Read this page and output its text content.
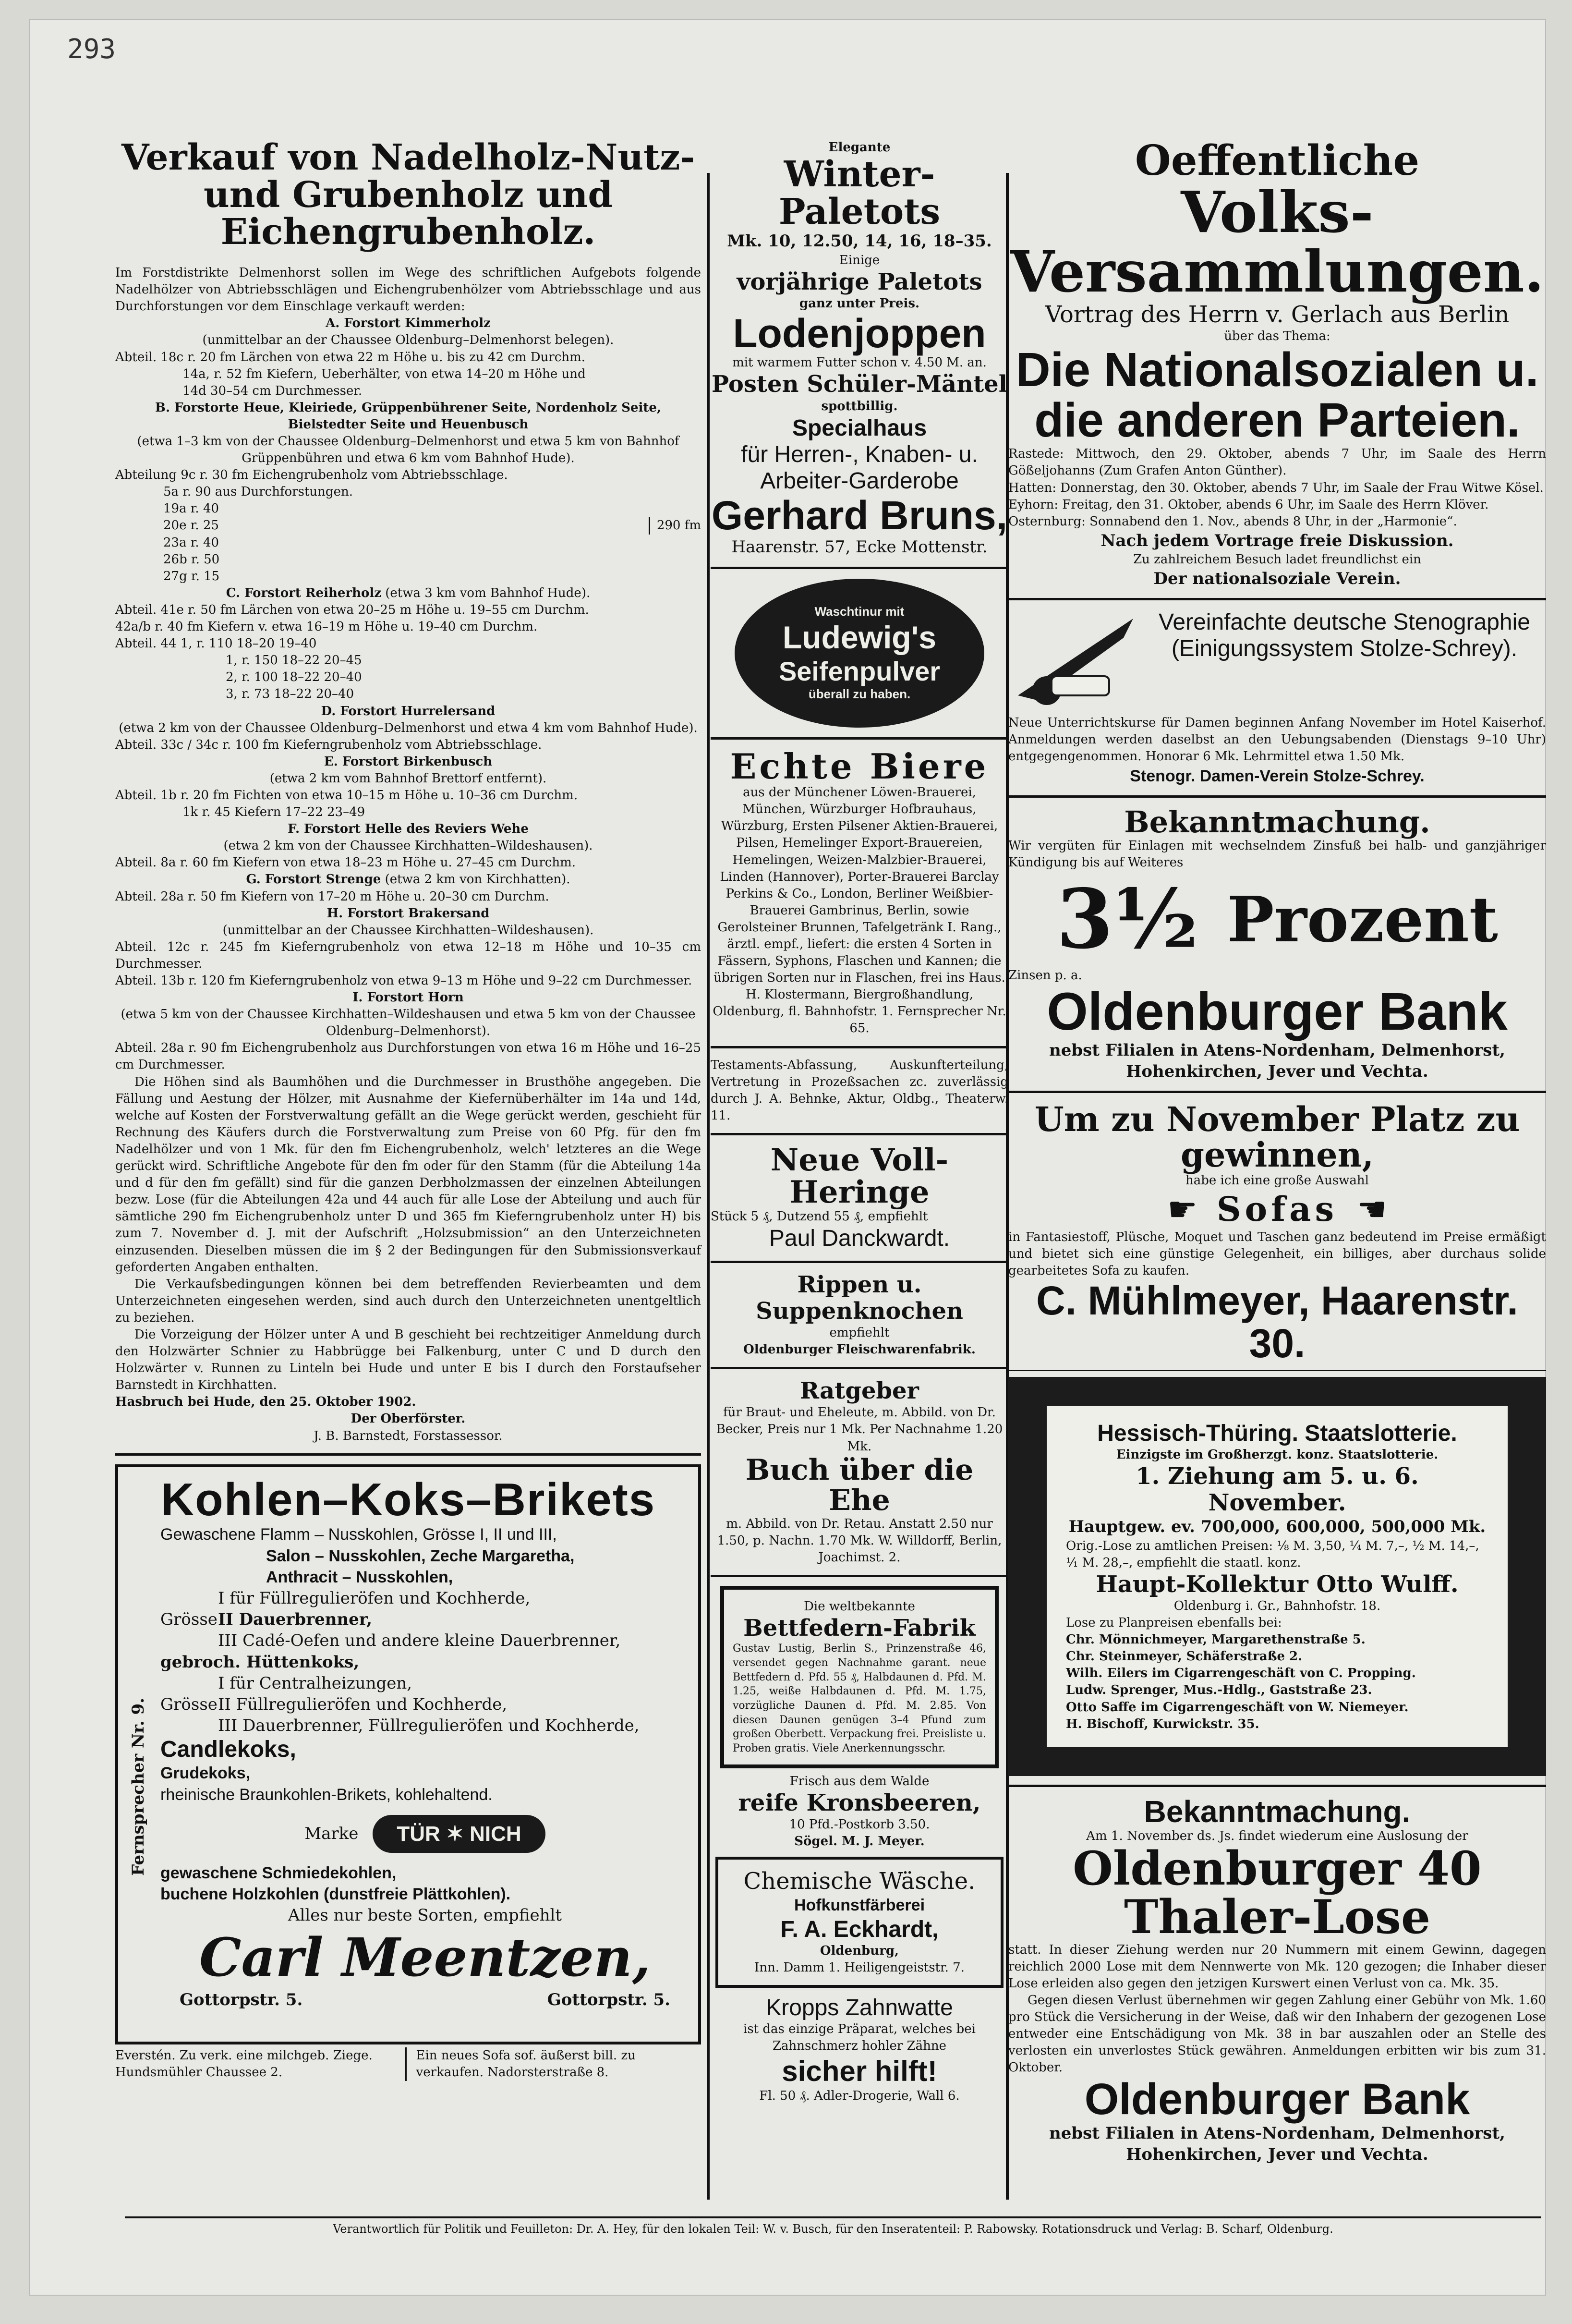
293
Verkauf von Nadelholz-Nutz- und Grubenholz und Eichengrubenholz.
Im Forstdistrikte Delmenhorst sollen im Wege des schriftlichen Aufgebots folgende Nadelhölzer von Abtriebsschlägen und Eichengrubenhölzer vom Abtriebsschlage und aus Durchforstungen vor dem Einschlage verkauft werden:
A. Forstort Kimmerholz
(unmittelbar an der Chaussee Oldenburg–Delmenhorst belegen).
Abteil. 18c r. 20 fm Lärchen von etwa 22 m Höhe u. bis zu 42 cm Durchm.
14a, r. 52 fm Kiefern, Ueberhälter, von etwa 14–20 m Höhe und
14d 30–54 cm Durchmesser.
B. Forstorte Heue, Kleiriede, Grüppenbührener Seite, Nordenholz Seite, Bielstedter Seite und Heuenbusch
(etwa 1–3 km von der Chaussee Oldenburg–Delmenhorst und etwa 5 km von Bahnhof Grüppenbühren und etwa 6 km vom Bahnhof Hude).
Abteilung 9c r. 30 fm Eichengrubenholz vom Abtriebsschlage.
5a r. 90 aus Durchforstungen.
19a r. 40
20e r. 25
23a r. 40
26b r. 50
27g r. 15
290 fm
C. Forstort Reiherholz (etwa 3 km vom Bahnhof Hude).
Abteil. 41e r. 50 fm Lärchen von etwa 20–25 m Höhe u. 19–55 cm Durchm.
42a/b r. 40 fm Kiefern v. etwa 16–19 m Höhe u. 19–40 cm Durchm.
Abteil. 44 1, r. 110 18–20 19–40
1, r. 150 18–22 20–45
2, r. 100 18–22 20–40
3, r. 73 18–22 20–40
D. Forstort Hurrelersand
(etwa 2 km von der Chaussee Oldenburg–Delmenhorst und etwa 4 km vom Bahnhof Hude).
Abteil. 33c / 34c r. 100 fm Kieferngrubenholz vom Abtriebsschlage.
E. Forstort Birkenbusch
(etwa 2 km vom Bahnhof Brettorf entfernt).
Abteil. 1b r. 20 fm Fichten von etwa 10–15 m Höhe u. 10–36 cm Durchm.
1k r. 45 Kiefern 17–22 23–49
F. Forstort Helle des Reviers Wehe
(etwa 2 km von der Chaussee Kirchhatten–Wildeshausen).
Abteil. 8a r. 60 fm Kiefern von etwa 18–23 m Höhe u. 27–45 cm Durchm.
G. Forstort Strenge (etwa 2 km von Kirchhatten).
Abteil. 28a r. 50 fm Kiefern von 17–20 m Höhe u. 20–30 cm Durchm.
H. Forstort Brakersand
(unmittelbar an der Chaussee Kirchhatten–Wildeshausen).
Abteil. 12c r. 245 fm Kieferngrubenholz von etwa 12–18 m Höhe und 10–35 cm Durchmesser.
Abteil. 13b r. 120 fm Kieferngrubenholz von etwa 9–13 m Höhe und 9–22 cm Durchmesser.
I. Forstort Horn
(etwa 5 km von der Chaussee Kirchhatten–Wildeshausen und etwa 5 km von der Chaussee Oldenburg–Delmenhorst).
Abteil. 28a r. 90 fm Eichengrubenholz aus Durchforstungen von etwa 16 m Höhe und 16–25 cm Durchmesser.
Die Höhen sind als Baumhöhen und die Durchmesser in Brusthöhe angegeben. Die Fällung und Aestung der Hölzer, mit Ausnahme der Kiefernüberhälter im 14a und 14d, welche auf Kosten der Forstverwaltung gefällt an die Wege gerückt werden, geschieht für Rechnung des Käufers durch die Forstverwaltung zum Preise von 60 Pfg. für den fm Nadelhölzer und von 1 Mk. für den fm Eichengrubenholz, welch' letzteres an die Wege gerückt wird. Schriftliche Angebote für den fm oder für den Stamm (für die Abteilung 14a und d für den fm gefällt) sind für die ganzen Derbholzmassen der einzelnen Abteilungen bezw. Lose (für die Abteilungen 42a und 44 auch für alle Lose der Abteilung und auch für sämtliche 290 fm Eichengrubenholz unter D und 365 fm Kieferngrubenholz unter H) bis zum 7. November d. J. mit der Aufschrift „Holzsubmission“ an den Unterzeichneten einzusenden. Dieselben müssen die im § 2 der Bedingungen für den Submissionsverkauf geforderten Angaben enthalten.
Die Verkaufsbedingungen können bei dem betreffenden Revierbeamten und dem Unterzeichneten eingesehen werden, sind auch durch den Unterzeichneten unentgeltlich zu beziehen.
Die Vorzeigung der Hölzer unter A und B geschieht bei rechtzeitiger Anmeldung durch den Holzwärter Schnier zu Habbrügge bei Falkenburg, unter C und D durch den Holzwärter v. Runnen zu Linteln bei Hude und unter E bis I durch den Forstaufseher Barnstedt in Kirchhatten.
Hasbruch bei Hude, den 25. Oktober 1902.
Der Oberförster.
J. B. Barnstedt, Forstassessor.
Kohlen–Koks–Brikets
Fernsprecher Nr. 9.
Gewaschene Flamm – Nusskohlen, Grösse I, II und III,
Salon – Nusskohlen, Zeche Margaretha,
Anthracit – Nusskohlen,
Grösse
I für Füllregulieröfen und Kochherde,
II Dauerbrenner,
III Cadé-Oefen und andere kleine Dauerbrenner,
gebroch. Hüttenkoks,
Grösse
I für Centralheizungen,
II Füllregulieröfen und Kochherde,
III Dauerbrenner, Füllregulieröfen und Kochherde,
Candlekoks,
Grudekoks,
rheinische Braunkohlen-Brikets, kohlehaltend.
Marke	TÜR ✶ NICH
gewaschene Schmiedekohlen,
buchene Holzkohlen (dunstfreie Plättkohlen).
Alles nur beste Sorten, empfiehlt
Carl Meentzen,
Gottorpstr. 5.	Gottorpstr. 5.
Everstén. Zu verk. eine milchgeb. Ziege. Hundsmühler Chaussee 2.
Ein neues Sofa sof. äußerst bill. zu verkaufen. Nadorsterstraße 8.
Elegante
Winter-Paletots
Mk. 10, 12.50, 14, 16, 18–35.
Einige
vorjährige Paletots
ganz unter Preis.
Lodenjoppen
mit warmem Futter schon v. 4.50 M. an.
Posten Schüler-Mäntel
spottbillig.
Specialhaus
für Herren-, Knaben- u.
Arbeiter-Garderobe
Gerhard Bruns,
Haarenstr. 57, Ecke Mottenstr.
Waschtinur mit
Ludewig's
Seifenpulver
überall zu haben.
Echte Biere
aus der Münchener Löwen-Brauerei, München, Würzburger Hofbrauhaus, Würzburg, Ersten Pilsener Aktien-Brauerei, Pilsen, Hemelinger Export-Brauereien, Hemelingen, Weizen-Malzbier-Brauerei, Linden (Hannover), Porter-Brauerei Barclay Perkins & Co., London, Berliner Weißbier-Brauerei Gambrinus, Berlin, sowie Gerolsteiner Brunnen, Tafelgetränk I. Rang., ärztl. empf., liefert: die ersten 4 Sorten in Fässern, Syphons, Flaschen und Kannen; die übrigen Sorten nur in Flaschen, frei ins Haus.
H. Klostermann, Biergroßhandlung, Oldenburg, fl. Bahnhofstr. 1. Fernsprecher Nr. 65.
Testaments-Abfassung, Auskunfterteilung, Vertretung in Prozeßsachen zc. zuverlässig durch J. A. Behnke, Aktur, Oldbg., Theaterw. 11.
Neue Voll-Heringe
Stück 5 ₰, Dutzend 55 ₰, empfiehlt
Paul Danckwardt.
Rippen u. Suppenknochen
empfiehlt
Oldenburger Fleischwarenfabrik.
Ratgeber
für Braut- und Eheleute, m. Abbild. von Dr. Becker, Preis nur 1 Mk. Per Nachnahme 1.20 Mk.
Buch über die Ehe
m. Abbild. von Dr. Retau. Anstatt 2.50 nur 1.50, p. Nachn. 1.70 Mk. W. Willdorff, Berlin, Joachimst. 2.
Die weltbekannte
Bettfedern-Fabrik
Gustav Lustig, Berlin S., Prinzenstraße 46, versendet gegen Nachnahme garant. neue Bettfedern d. Pfd. 55 ₰, Halbdaunen d. Pfd. M. 1.25, weiße Halbdaunen d. Pfd. M. 1.75, vorzügliche Daunen d. Pfd. M. 2.85. Von diesen Daunen genügen 3–4 Pfund zum großen Oberbett. Verpackung frei. Preisliste u. Proben gratis. Viele Anerkennungsschr.
Frisch aus dem Walde
reife Kronsbeeren,
10 Pfd.-Postkorb 3.50.
Sögel. M. J. Meyer.
Chemische Wäsche.
Hofkunstfärberei
F. A. Eckhardt,
Oldenburg,
Inn. Damm 1. Heiligengeiststr. 7.
Kropps Zahnwatte
ist das einzige Präparat, welches bei Zahnschmerz hohler Zähne
sicher hilft!
Fl. 50 ₰. Adler-Drogerie, Wall 6.
Oeffentliche
Volks-Versammlungen.
Vortrag des Herrn v. Gerlach aus Berlin
über das Thema:
Die Nationalsozialen u.
die anderen Parteien.
Rastede: Mittwoch, den 29. Oktober, abends 7 Uhr, im Saale des Herrn Gößeljohanns (Zum Grafen Anton Günther).
Hatten: Donnerstag, den 30. Oktober, abends 7 Uhr, im Saale der Frau Witwe Kösel.
Eyhorn: Freitag, den 31. Oktober, abends 6 Uhr, im Saale des Herrn Klöver.
Osternburg: Sonnabend den 1. Nov., abends 8 Uhr, in der „Harmonie“.
Nach jedem Vortrage freie Diskussion.
Zu zahlreichem Besuch ladet freundlichst ein
Der nationalsoziale Verein.
Vereinfachte deutsche Stenographie
(Einigungssystem Stolze-Schrey).
Neue Unterrichtskurse für Damen beginnen Anfang November im Hotel Kaiserhof. Anmeldungen werden daselbst an den Uebungsabenden (Dienstags 9–10 Uhr) entgegengenommen. Honorar 6 Mk. Lehrmittel etwa 1.50 Mk.
Stenogr. Damen-Verein Stolze-Schrey.
Bekanntmachung.
Wir vergüten für Einlagen mit wechselndem Zinsfuß bei halb- und ganzjähriger Kündigung bis auf Weiteres
3½ Prozent
Zinsen p. a.
Oldenburger Bank
nebst Filialen in Atens-Nordenham, Delmenhorst, Hohenkirchen, Jever und Vechta.
Um zu November Platz zu gewinnen,
habe ich eine große Auswahl
☛ Sofas ☛
in Fantasiestoff, Plüsche, Moquet und Taschen ganz bedeutend im Preise ermäßigt und bietet sich eine günstige Gelegenheit, ein billiges, aber durchaus solide gearbeitetes Sofa zu kaufen.
C. Mühlmeyer, Haarenstr. 30.
Hessisch-Thüring. Staatslotterie.
Einzigste im Großherzgt. konz. Staatslotterie.
1. Ziehung am 5. u. 6. November.
Hauptgew. ev. 700,000, 600,000, 500,000 Mk.
Orig.-Lose zu amtlichen Preisen: ⅛ M. 3,50, ¼ M. 7,–, ½ M. 14,–, ⅟₁ M. 28,–, empfiehlt die staatl. konz.
Haupt-Kollektur Otto Wulff.
Oldenburg i. Gr., Bahnhofstr. 18.
Lose zu Planpreisen ebenfalls bei:
Chr. Mönnichmeyer, Margarethenstraße 5.
Chr. Steinmeyer, Schäferstraße 2.
Wilh. Eilers im Cigarrengeschäft von C. Propping.
Ludw. Sprenger, Mus.-Hdlg., Gaststraße 23.
Otto Saffe im Cigarrengeschäft von W. Niemeyer.
H. Bischoff, Kurwickstr. 35.
Bekanntmachung.
Am 1. November ds. Js. findet wiederum eine Auslosung der
Oldenburger 40 Thaler-Lose
statt. In dieser Ziehung werden nur 20 Nummern mit einem Gewinn, dagegen reichlich 2000 Lose mit dem Nennwerte von Mk. 120 gezogen; die Inhaber dieser Lose erleiden also gegen den jetzigen Kurswert einen Verlust von ca. Mk. 35.
Gegen diesen Verlust übernehmen wir gegen Zahlung einer Gebühr von Mk. 1.60 pro Stück die Versicherung in der Weise, daß wir den Inhabern der gezogenen Lose entweder eine Entschädigung von Mk. 38 in bar auszahlen oder an Stelle des verlosten ein unverlostes Stück gewähren. Anmeldungen erbitten wir bis zum 31. Oktober.
Oldenburger Bank
nebst Filialen in Atens-Nordenham, Delmenhorst, Hohenkirchen, Jever und Vechta.
Verantwortlich für Politik und Feuilleton: Dr. A. Hey, für den lokalen Teil: W. v. Busch, für den Inseratenteil: P. Rabowsky. Rotationsdruck und Verlag: B. Scharf, Oldenburg.
